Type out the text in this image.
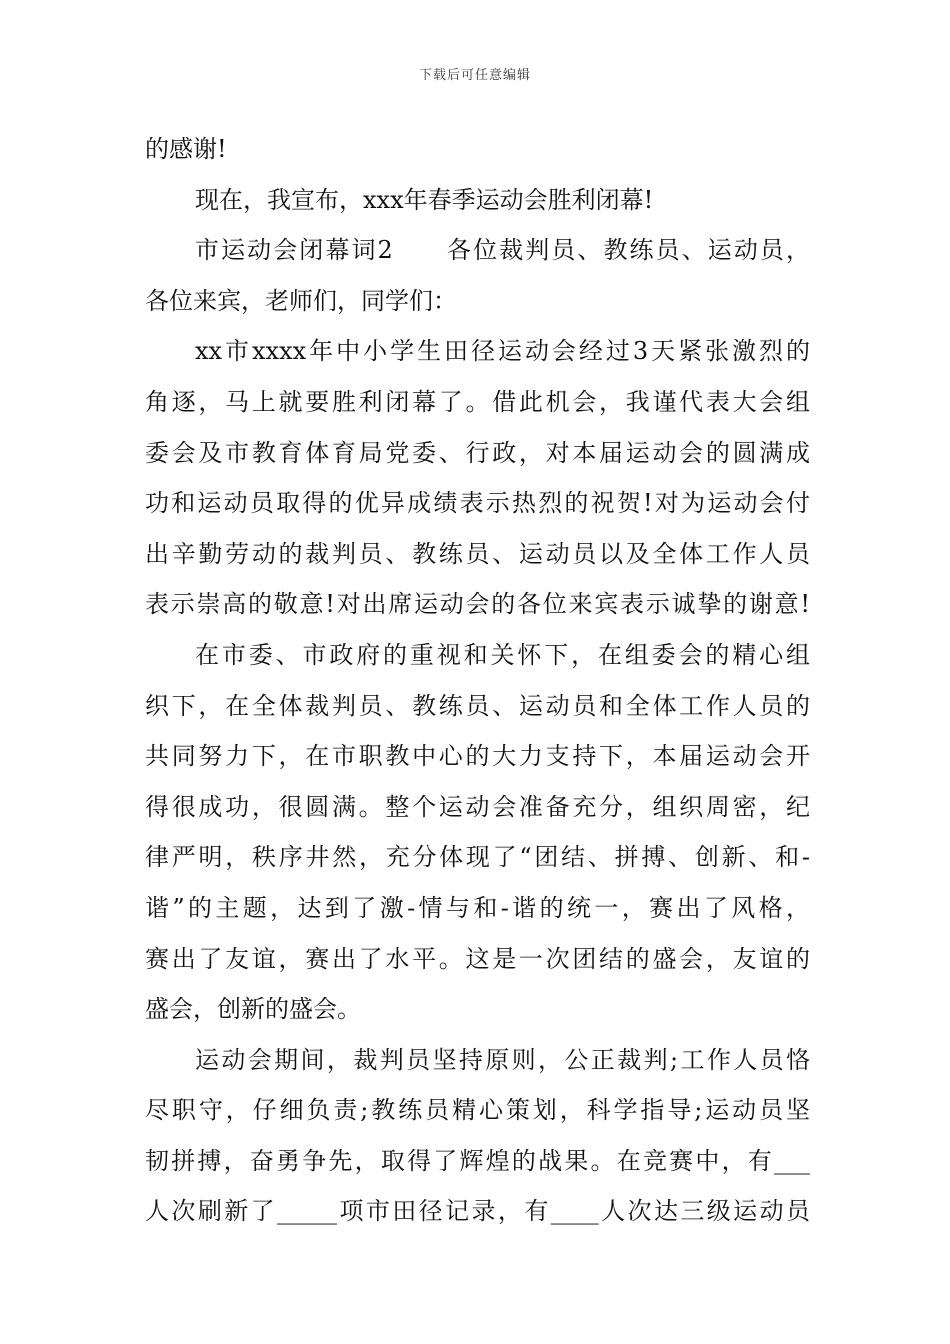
下载后可任意编辑
的感谢!
现在，我宣布，xxx年春季运动会胜利闭幕!
市运动会闭幕词2　　各位裁判员、教练员、运动员，
各位来宾，老师们，同学们：
xx市xxxx年中小学生田径运动会经过3天紧张激烈的
角逐，马上就要胜利闭幕了。借此机会，我谨代表大会组
委会及市教育体育局党委、行政，对本届运动会的圆满成
功和运动员取得的优异成绩表示热烈的祝贺!对为运动会付
出辛勤劳动的裁判员、教练员、运动员以及全体工作人员
表示崇高的敬意!对出席运动会的各位来宾表示诚挚的谢意!
在市委、市政府的重视和关怀下，在组委会的精心组
织下，在全体裁判员、教练员、运动员和全体工作人员的
共同努力下，在市职教中心的大力支持下，本届运动会开
得很成功，很圆满。整个运动会准备充分，组织周密，纪
律严明，秩序井然，充分体现了“团结、拼搏、创新、和-
谐”的主题，达到了激-情与和-谐的统一，赛出了风格，
赛出了友谊，赛出了水平。这是一次团结的盛会，友谊的
盛会，创新的盛会。
运动会期间，裁判员坚持原则，公正裁判;工作人员恪
尽职守，仔细负责;教练员精心策划，科学指导;运动员坚
韧拼搏，奋勇争先，取得了辉煌的战果。在竞赛中，有___
人次刷新了_____项市田径记录，有____人次达三级运动员
